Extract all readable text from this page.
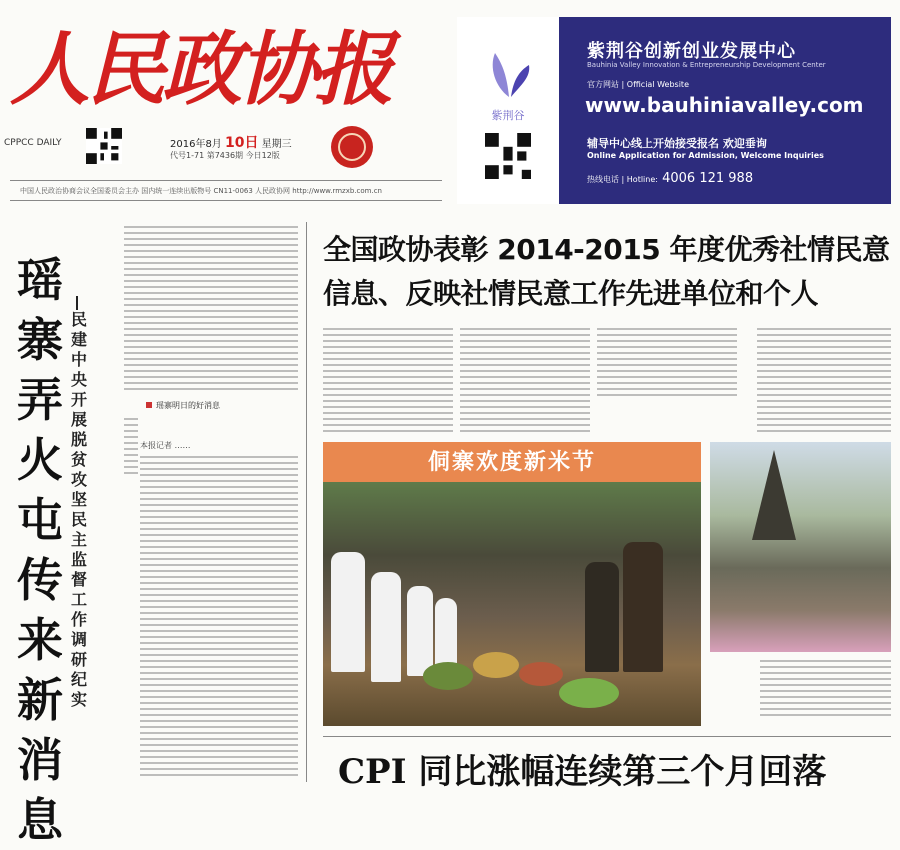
人民政协报
CPPCC DAILY	2016年8月 10日 星期三
代号1-71 第7436期 今日12版
中国人民政治协商会议全国委员会主办 国内统一连续出版物号 CN11-0063 人民政协网 http://www.rmzxb.com.cn
紫荆谷
紫荆谷创新创业发展中心
Bauhinia Valley Innovation & Entrepreneurship Development Center
官方网站 | Official Website
www.bauhiniavalley.com
辅导中心线上开始接受报名 欢迎垂询
Online Application for Admission, Welcome Inquiries
热线电话 | Hotline: 4006 121 988
瑶寨弄火屯传来新消息
民建中央开展脱贫攻坚民主监督工作调研纪实
瑶寨明日的好消息
本报记者 ……
全国政协表彰 2014-2015 年度优秀社情民意
信息、反映社情民意工作先进单位和个人
侗寨欢度新米节
CPI 同比涨幅连续第三个月回落
